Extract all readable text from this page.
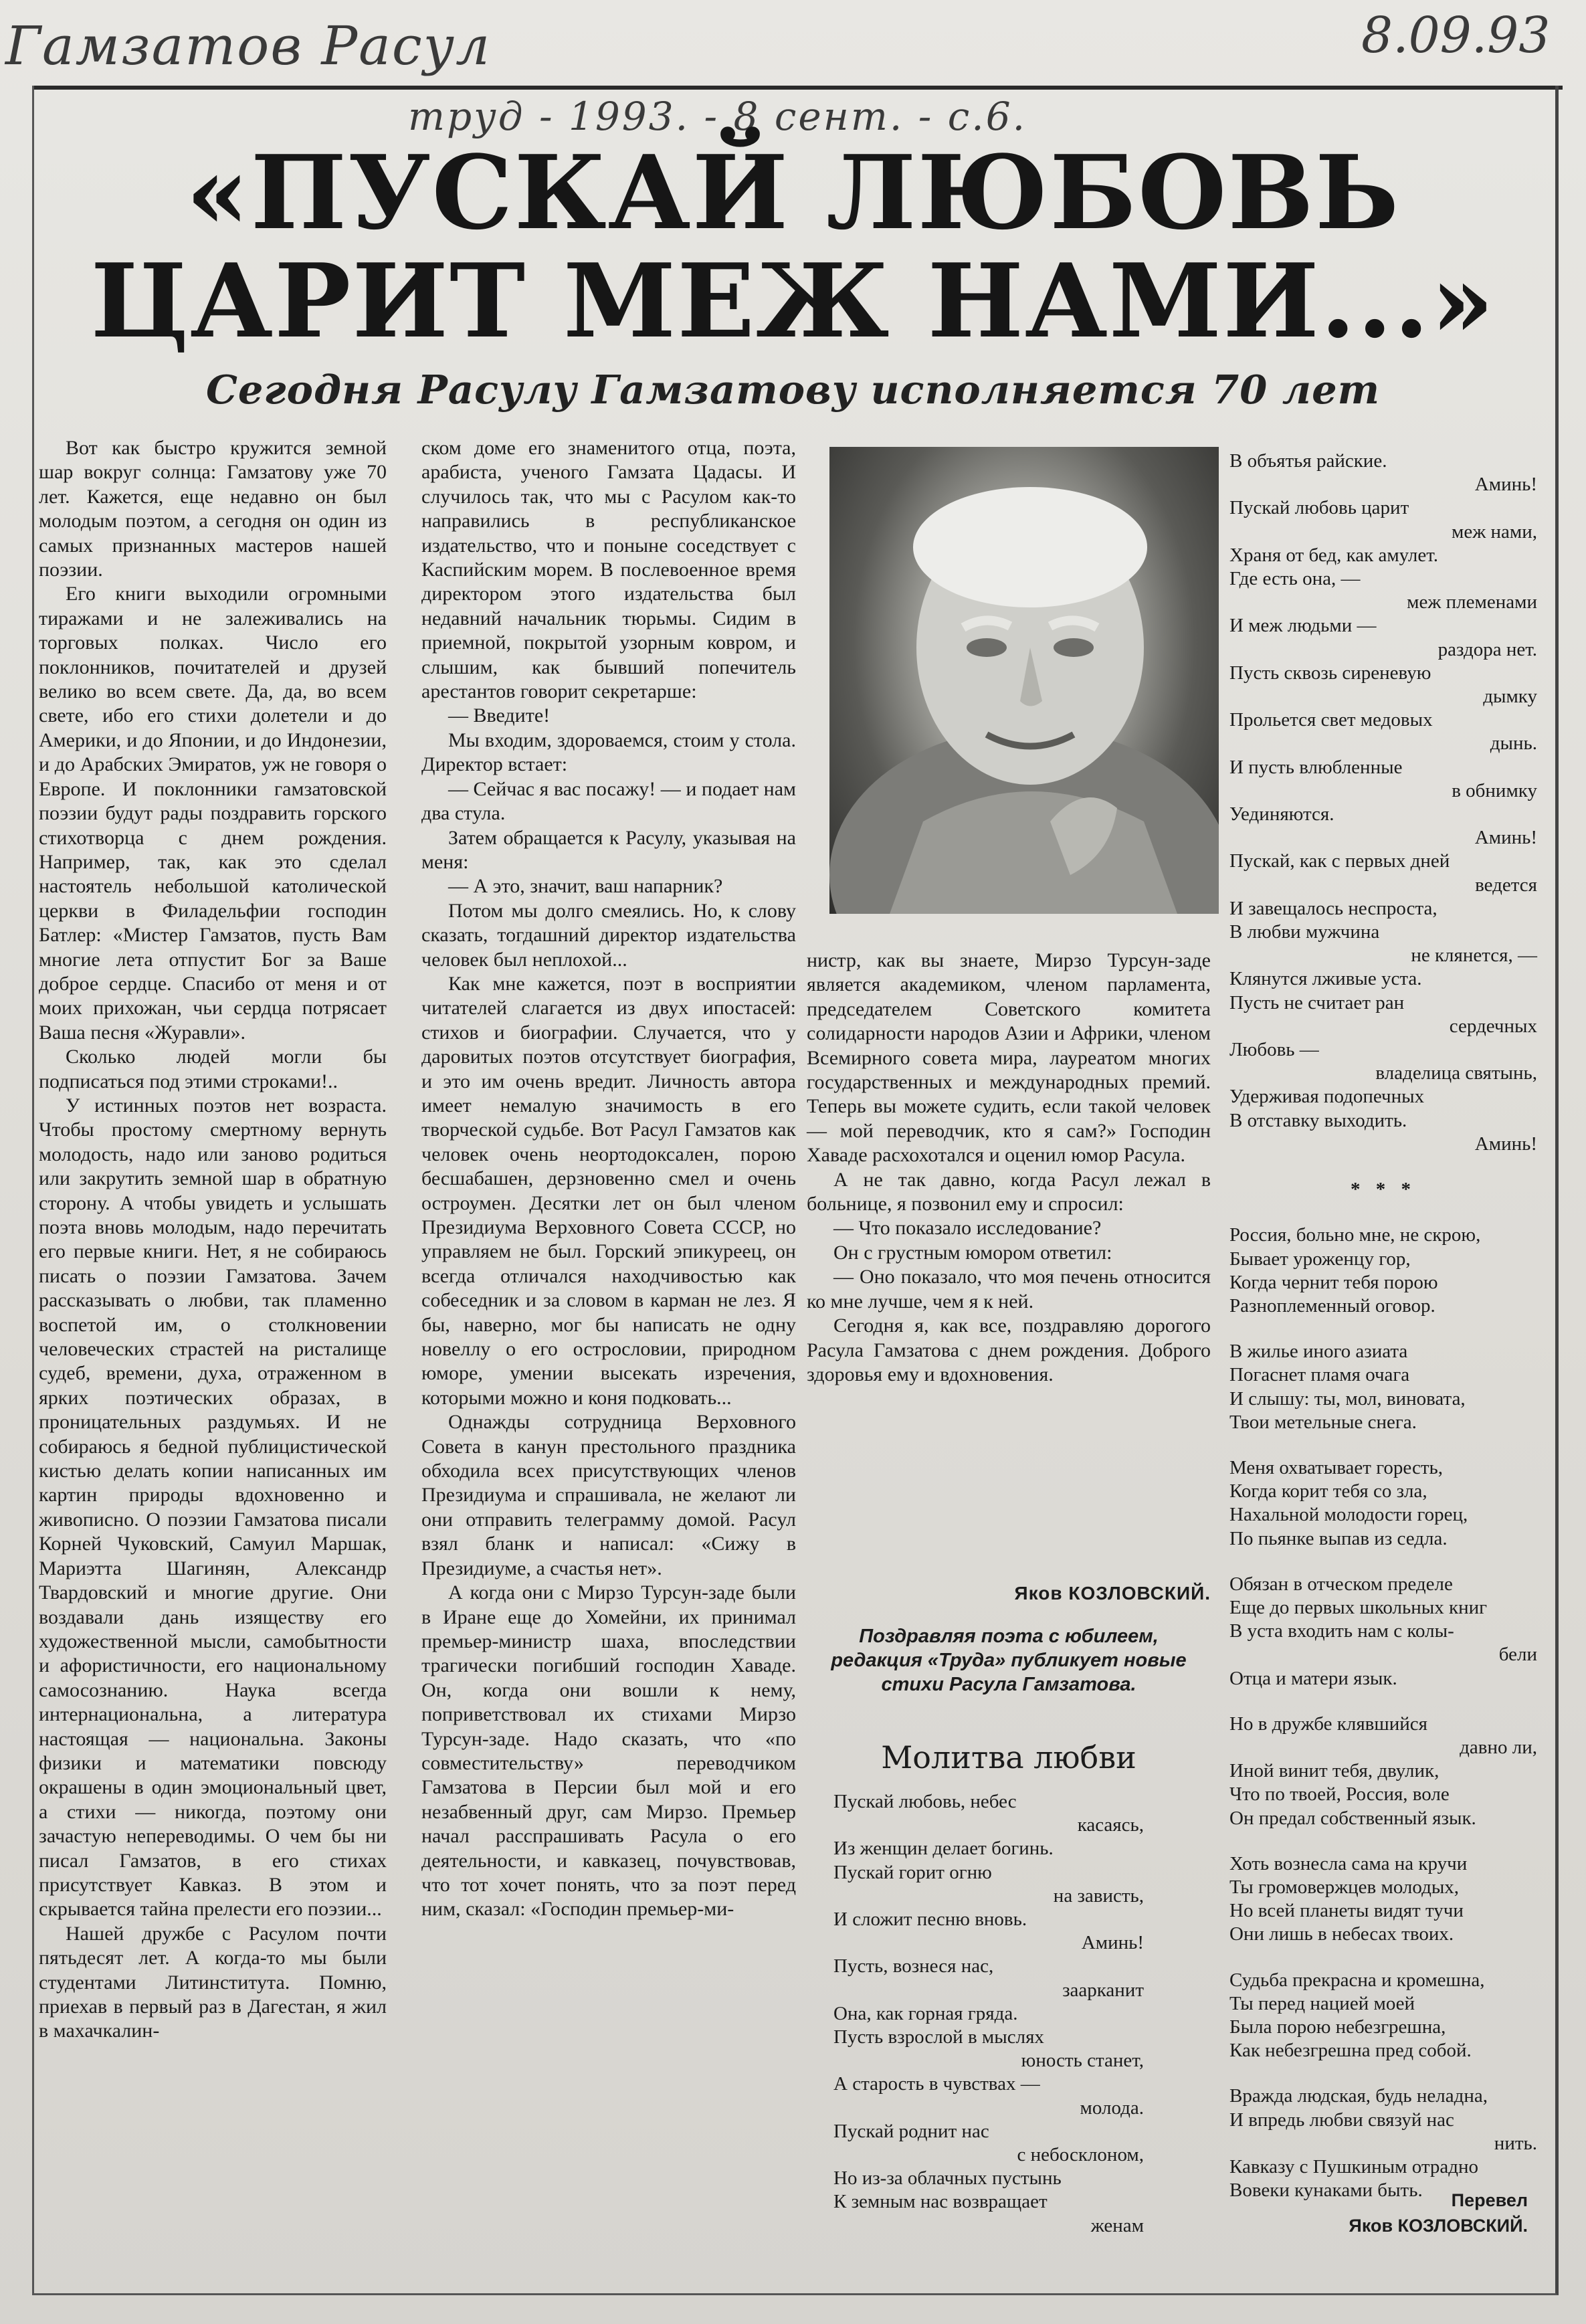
Гамзатов Расул	8.09.93
труд - 1993. - 8 сент. - с.6.
«ПУСКАЙ ЛЮБОВЬ
ЦАРИТ МЕЖ НАМИ...»
Сегодня Расулу Гамзатову исполняется 70 лет

Вот как быстро кружится земной шар вокруг солнца: Гамзатову уже 70 лет. Кажется, еще недавно он был молодым поэтом, а сегодня он один из самых признанных мастеров нашей поэзии.

Его книги выходили огромными тиражами и не залеживались на торговых полках. Число его поклонников, почитателей и друзей велико во всем свете. Да, да, во всем свете, ибо его стихи долетели и до Америки, и до Японии, и до Индонезии, и до Арабских Эмиратов, уж не говоря о Европе. И поклонники гамзатовской поэзии будут рады поздравить горского стихотворца с днем рождения. Например, так, как это сделал настоятель небольшой католической церкви в Филадельфии господин Батлер: «Мистер Гамзатов, пусть Вам многие лета отпустит Бог за Ваше доброе сердце. Спасибо от меня и от моих прихожан, чьи сердца потрясает Ваша песня «Журавли».

Сколько людей могли бы подписаться под этими строками!..

У истинных поэтов нет возраста. Чтобы простому смертному вернуть молодость, надо или заново родиться или закрутить земной шар в обратную сторону. А чтобы увидеть и услышать поэта вновь молодым, надо перечитать его первые книги. Нет, я не собираюсь писать о поэзии Гамзатова. Зачем рассказывать о любви, так пламенно воспетой им, о столкновении человеческих страстей на ристалище судеб, времени, духа, отраженном в ярких поэтических образах, в проницательных раздумьях. И не собираюсь я бедной публицистической кистью делать копии написанных им картин природы вдохновенно и живописно. О поэзии Гамзатова писали Корней Чуковский, Самуил Маршак, Мариэтта Шагинян, Александр Твардовский и многие другие. Они воздавали дань изяществу его художественной мысли, самобытности и афористичности, его национальному самосознанию. Наука всегда интернациональна, а литература настоящая — национальна. Законы физики и математики повсюду окрашены в один эмоциональный цвет, а стихи — никогда, поэтому они зачастую непереводимы. О чем бы ни писал Гамзатов, в его стихах присутствует Кавказ. В этом и скрывается тайна прелести его поэзии...

Нашей дружбе с Расулом почти пятьдесят лет. А когда-то мы были студентами Литинститута. Помню, приехав в первый раз в Дагестан, я жил в махачкалин-

ском доме его знаменитого отца, поэта, арабиста, ученого Гамзата Цадасы. И случилось так, что мы с Расулом как-то направились в республиканское издательство, что и поныне соседствует с Каспийским морем. В послевоенное время директором этого издательства был недавний начальник тюрьмы. Сидим в приемной, покрытой узорным ковром, и слышим, как бывший попечитель арестантов говорит секретарше:

— Введите!

Мы входим, здороваемся, стоим у стола. Директор встает:

— Сейчас я вас посажу! — и подает нам два стула.

Затем обращается к Расулу, указывая на меня:

— А это, значит, ваш напарник?

Потом мы долго смеялись. Но, к слову сказать, тогдашний директор издательства человек был неплохой...

Как мне кажется, поэт в восприятии читателей слагается из двух ипостасей: стихов и биографии. Случается, что у даровитых поэтов отсутствует биография, и это им очень вредит. Личность автора имеет немалую значимость в его творческой судьбе. Вот Расул Гамзатов как человек очень неортодоксален, порою бесшабашен, дерзновенно смел и очень остроумен. Десятки лет он был членом Президиума Верховного Совета СССР, но управляем не был. Горский эпикуреец, он всегда отличался находчивостью как собеседник и за словом в карман не лез. Я бы, наверно, мог бы написать не одну новеллу о его остроcловии, природном юморе, умении высекать изречения, которыми можно и коня подковать...

Однажды сотрудница Верховного Совета в канун престольного праздника обходила всех присутствующих членов Президиума и спрашивала, не желают ли они отправить телеграмму домой. Расул взял бланк и написал: «Сижу в Президиуме, а счастья нет».

А когда они с Мирзо Турсун-заде были в Иране еще до Хомейни, их принимал премьер-министр шаха, впоследствии трагически погибший господин Хаваде. Он, когда они вошли к нему, поприветствовал их стихами Мирзо Турсун-заде. Надо сказать, что «по совместительству» переводчиком Гамзатова в Персии был мой и его незабвенный друг, сам Мирзо. Премьер начал расспрашивать Расула о его деятельности, и кавказец, почувствовав, что тот хочет понять, что за поэт перед ним, сказал: «Господин премьер-ми-

нистр, как вы знаете, Мирзо Турсун-заде является академиком, членом парламента, председателем Советского комитета солидарности народов Азии и Африки, членом Всемирного совета мира, лауреатом многих государственных и международных премий. Теперь вы можете судить, если такой человек — мой переводчик, кто я сам?» Господин Хаваде расхохотался и оценил юмор Расула.

А не так давно, когда Расул лежал в больнице, я позвонил ему и спросил:

— Что показало исследование?

Он с грустным юмором ответил:

— Оно показало, что моя печень относится ко мне лучше, чем я к ней.

Сегодня я, как все, поздравляю дорогого Расула Гамзатова с днем рождения. Доброго здоровья ему и вдохновения.

Яков КОЗЛОВСКИЙ.
Поздравляя поэта с юбилеем, редакция «Труда» публикует новые стихи Расула Гамзатова.
Молитва любви
Пускай любовь, небес
касаясь,
Из женщин делает богинь.
Пускай горит огню
на зависть,
И сложит песню вновь.
Аминь!
Пусть, вознеся нас,
заарканит
Она, как горная гряда.
Пусть взрослой в мыслях
юность станет,
А старость в чувствах —
молода.
Пускай роднит нас
с небосклоном,
Но из-за облачных пустынь
К земным нас возвращает
женам
В объятья райские.
Аминь!
Пускай любовь царит
меж нами,
Храня от бед, как амулет.
Где есть она, —
меж племенами
И меж людьми —
раздора нет.
Пусть сквозь сиреневую
дымку
Прольется свет медовых
дынь.
И пусть влюбленные
в обнимку
Уединяются.
Аминь!
Пускай, как с первых дней
ведется
И завещалось неспроста,
В любви мужчина
не клянется, —
Клянутся лживые уста.
Пусть не считает ран
сердечных
Любовь —
владелица святынь,
Удерживая подопечных
В отставку выходить.
Аминь!
* * *
Россия, больно мне, не скрою,
Бывает уроженцу гор,
Когда чернит тебя порою
Разноплеменный оговор.
В жилье иного азиата
Погаснет пламя очага
И слышу: ты, мол, виновата,
Твои метельные снега.
Меня охватывает горесть,
Когда корит тебя со зла,
Нахальной молодости горец,
По пьянке выпав из седла.
Обязан в отческом пределе
Еще до первых школьных книг
В уста входить нам с колы-
бели
Отца и матери язык.
Но в дружбе клявшийся
давно ли,
Иной винит тебя, двулик,
Что по твоей, Россия, воле
Он предал собственный язык.
Хоть вознесла сама на кручи
Ты громовержцев молодых,
Но всей планеты видят тучи
Они лишь в небесах твоих.
Судьба прекрасна и кромешна,
Ты перед нацией моей
Была порою небезгрешна,
Как небезгрешна пред собой.
Вражда людская, будь неладна,
И впредь любви связуй нас
нить.
Кавказу с Пушкиным отрадно
Вовеки кунаками быть.	Перевел
Яков КОЗЛОВСКИЙ.
